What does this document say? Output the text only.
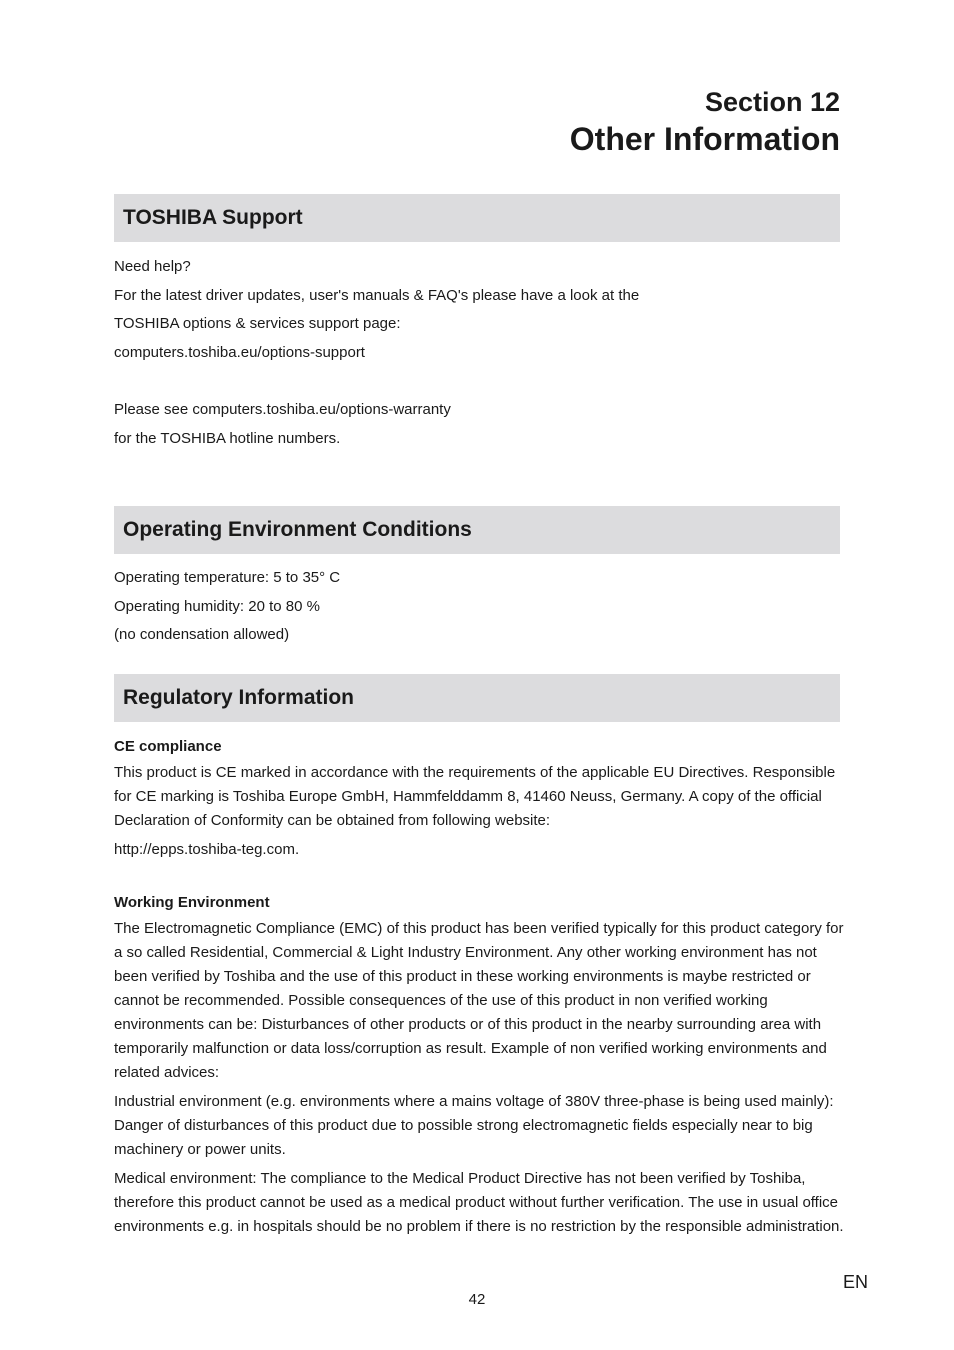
Section 12
Other Information
TOSHIBA Support
Need help?
For the latest driver updates, user's manuals & FAQ's please have a look at the
TOSHIBA options & services support page:
computers.toshiba.eu/options-support
Please see computers.toshiba.eu/options-warranty
for the TOSHIBA hotline numbers.
Operating Environment Conditions
Operating temperature: 5 to 35° C
Operating humidity: 20 to 80 %
(no condensation allowed)
Regulatory Information
CE compliance

This product is CE marked in accordance with the requirements of the applicable EU Directives. Responsible for CE marking is Toshiba Europe GmbH, Hammfelddamm 8, 41460 Neuss, Germany. A copy of the official Declaration of Conformity can be obtained from following website:

http://epps.toshiba-teg.com.

Working Environment

The Electromagnetic Compliance (EMC) of this product has been verified typically for this product category for a so called Residential, Commercial & Light Industry Environment. Any other working environment has not been verified by Toshiba and the use of this product in these working environments is maybe restricted or cannot be recommended. Possible consequences of the use of this product in non verified working environments can be: Disturbances of other products or of this product in the nearby surrounding area with temporarily malfunction or data loss/corruption as result. Example of non verified working environments and related advices:

Industrial environment (e.g. environments where a mains voltage of 380V three-phase is being used mainly): Danger of disturbances of this product due to possible strong electromagnetic fields especially near to big machinery or power units.

Medical environment: The compliance to the Medical Product Directive has not been verified by Toshiba, therefore this product cannot be used as a medical product without further verification. The use in usual office environments e.g. in hospitals should be no problem if there is no restriction by the responsible administration.

EN
42
